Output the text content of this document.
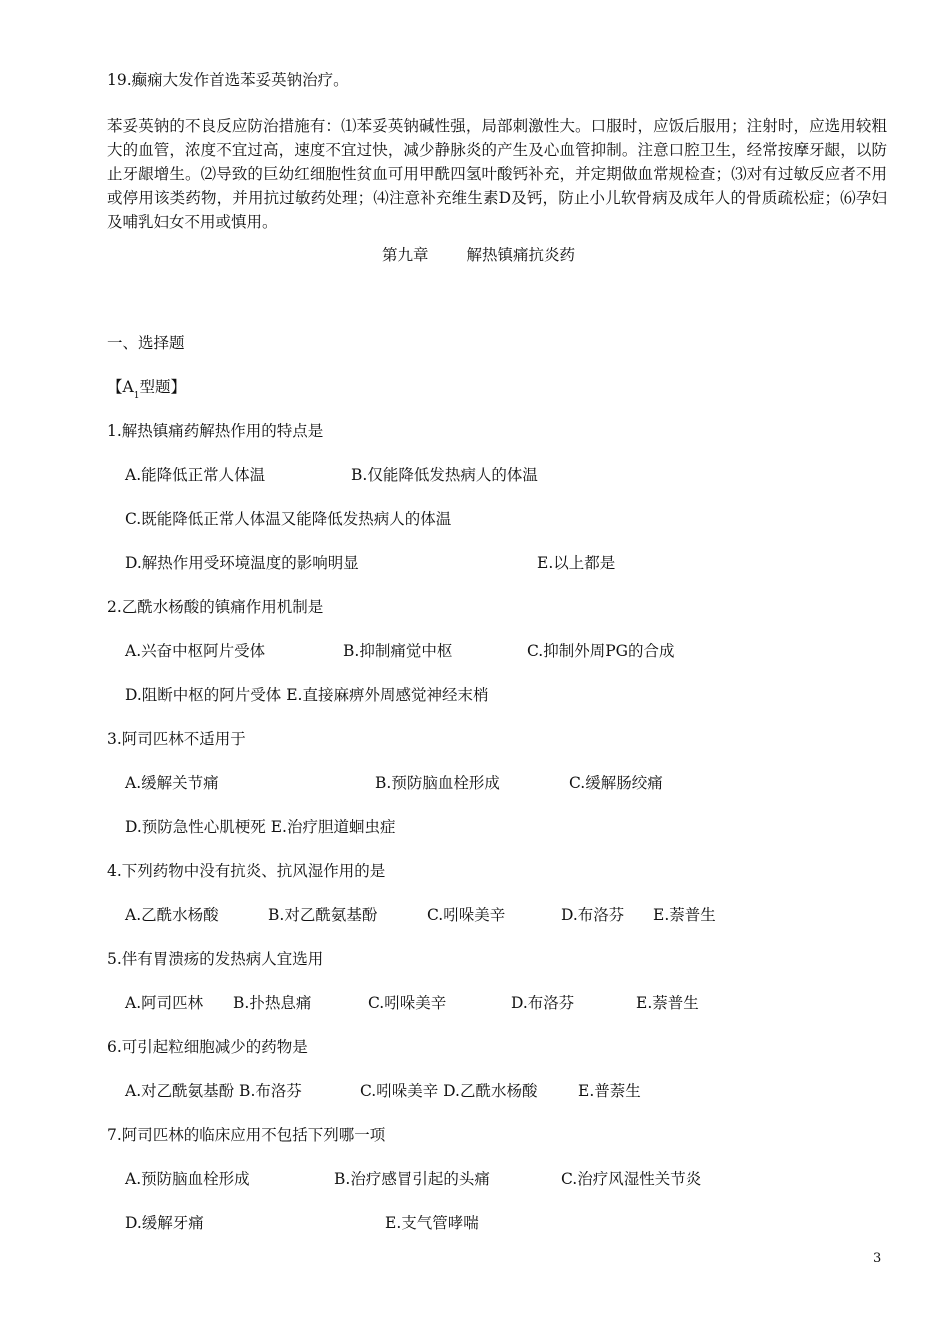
19.癫痫大发作首选苯妥英钠治疗。
苯妥英钠的不良反应防治措施有：⑴苯妥英钠碱性强，局部刺激性大。口服时，应饭后服用；注射时，应选用较粗大的血管，浓度不宜过高，速度不宜过快，减少静脉炎的产生及心血管抑制。注意口腔卫生，经常按摩牙龈，以防止牙龈增生。⑵导致的巨幼红细胞性贫血可用甲酰四氢叶酸钙补充，并定期做血常规检查；⑶对有过敏反应者不用或停用该类药物，并用抗过敏药处理；⑷注意补充维生素D及钙，防止小儿软骨病及成年人的骨质疏松症；⑹孕妇及哺乳妇女不用或慎用。
第九章 解热镇痛抗炎药
一、选择题
【$A_1$型题】
1.解热镇痛药解热作用的特点是
A.能降低正常人体温	B.仅能降低发热病人的体温
C.既能降低正常人体温又能降低发热病人的体温
D.解热作用受环境温度的影响明显	E.以上都是
2.乙酰水杨酸的镇痛作用机制是
A.兴奋中枢阿片受体	B.抑制痛觉中枢	C.抑制外周PG的合成
D.阻断中枢的阿片受体 E.直接麻痹外周感觉神经末梢
3.阿司匹林不适用于
A.缓解关节痛	B.预防脑血栓形成	C.缓解肠绞痛
D.预防急性心肌梗死 E.治疗胆道蛔虫症
4.下列药物中没有抗炎、抗风湿作用的是
A.乙酰水杨酸	B.对乙酰氨基酚	C.吲哚美辛	D.布洛芬 E.萘普生
5.伴有胃溃疡的发热病人宜选用
A.阿司匹林 B.扑热息痛	C.吲哚美辛	D.布洛芬	E.萘普生
6.可引起粒细胞减少的药物是
A.对乙酰氨基酚 B.布洛芬	C.吲哚美辛 D.乙酰水杨酸	E.普萘生
7.阿司匹林的临床应用不包括下列哪一项
A.预防脑血栓形成	B.治疗感冒引起的头痛	C.治疗风湿性关节炎
D.缓解牙痛	E.支气管哮喘
3
